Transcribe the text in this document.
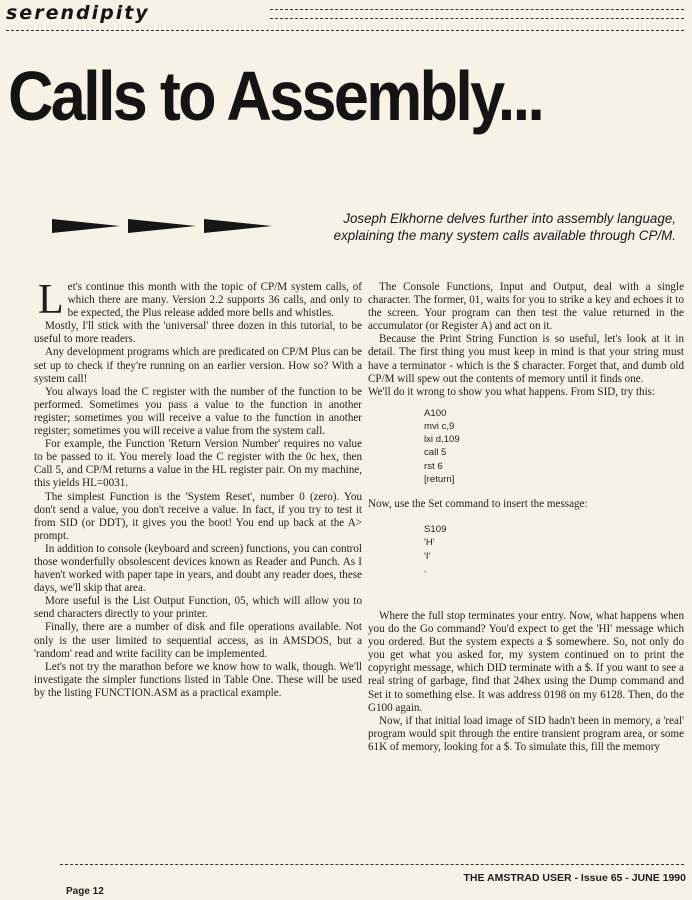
serendipity
Calls to Assembly...
Joseph Elkhorne delves further into assembly language,
explaining the many system calls available through CP/M.

Let's continue this month with the topic of CP/M system calls, of which there are many. Version 2.2 supports 36 calls, and only to be expected, the Plus release added more bells and whistles.

Mostly, I'll stick with the 'universal' three dozen in this tutorial, to be useful to more readers.

Any development programs which are predicated on CP/M Plus can be set up to check if they're running on an earlier version. How so? With a system call!

You always load the C register with the number of the function to be performed. Sometimes you pass a value to the function in another register; sometimes you will receive a value to the function in another register; sometimes you will receive a value from the system call.

For example, the Function 'Return Version Number' requires no value to be passed to it. You merely load the C register with the 0c hex, then Call 5, and CP/M returns a value in the HL register pair. On my machine, this yields HL=0031.

The simplest Function is the 'System Reset', number 0 (zero). You don't send a value, you don't receive a value. In fact, if you try to test it from SID (or DDT), it gives you the boot! You end up back at the A> prompt.

In addition to console (keyboard and screen) functions, you can control those wonderfully obsolescent devices known as Reader and Punch. As I haven't worked with paper tape in years, and doubt any reader does, these days, we'll skip that area.

More useful is the List Output Function, 05, which will allow you to send characters directly to your printer.

Finally, there are a number of disk and file operations available. Not only is the user limited to sequential access, as in AMSDOS, but a 'random' read and write facility can be implemented.

Let's not try the marathon before we know how to walk, though. We'll investigate the simpler functions listed in Table One. These will be used by the listing FUNCTION.ASM as a practical example.

The Console Functions, Input and Output, deal with a single character. The former, 01, waits for you to strike a key and echoes it to the screen. Your program can then test the value returned in the accumulator (or Register A) and act on it.

Because the Print String Function is so useful, let's look at it in detail. The first thing you must keep in mind is that your string must have a terminator - which is the $ character. Forget that, and dumb old CP/M will spew out the contents of memory until it finds one.

We'll do it wrong to show you what happens. From SID, try this:

A100
mvi c,9
lxi d,109
call 5
rst 6
[return]

Now, use the Set command to insert the message:

S109
'H'
'I'
.

Where the full stop terminates your entry. Now, what happens when you do the Go command? You'd expect to get the 'HI' message which you ordered. But the system expects a $ somewhere. So, not only do you get what you asked for, my system continued on to print the copyright message, which DID terminate with a $. If you want to see a real string of garbage, find that 24hex using the Dump command and Set it to something else. It was address 0198 on my 6128. Then, do the G100 again.

Now, if that initial load image of SID hadn't been in memory, a 'real' program would spit through the entire transient program area, or some 61K of memory, looking for a $. To simulate this, fill the memory

THE AMSTRAD USER - Issue 65 - JUNE 1990
Page 12
